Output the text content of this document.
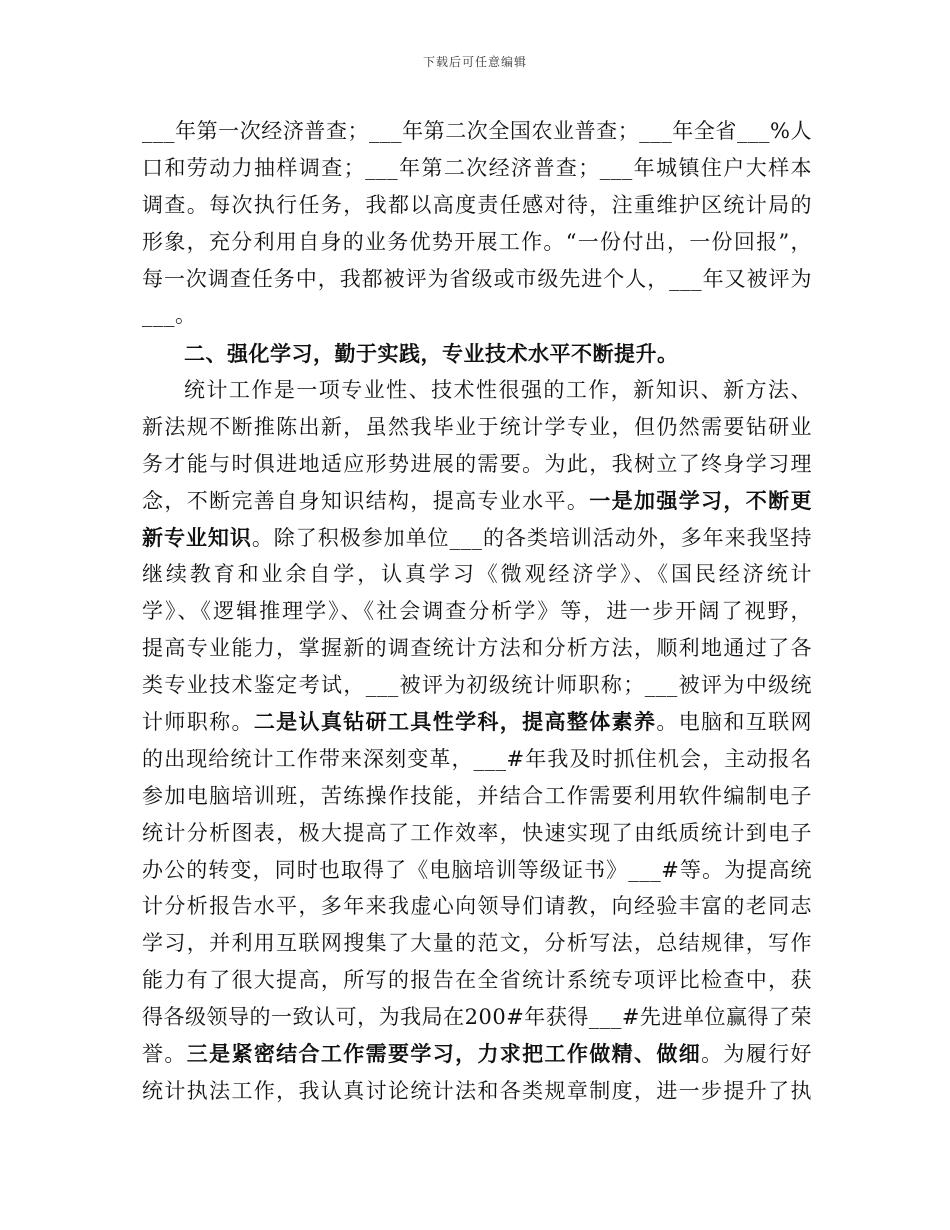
下载后可任意编辑
___年第一次经济普查；___年第二次全国农业普查；___年全省___%人
口和劳动力抽样调查；___年第二次经济普查；___年城镇住户大样本
调查。每次执行任务，我都以高度责任感对待，注重维护区统计局的
形象，充分利用自身的业务优势开展工作。“一份付出，一份回报”，
每一次调查任务中，我都被评为省级或市级先进个人，___年又被评为
___。
二、强化学习，勤于实践，专业技术水平不断提升。
统计工作是一项专业性、技术性很强的工作，新知识、新方法、
新法规不断推陈出新，虽然我毕业于统计学专业，但仍然需要钻研业
务才能与时俱进地适应形势进展的需要。为此，我树立了终身学习理
念，不断完善自身知识结构，提高专业水平。一是加强学习，不断更
新专业知识。除了积极参加单位___的各类培训活动外，多年来我坚持
继续教育和业余自学，认真学习《微观经济学》、《国民经济统计
学》、《逻辑推理学》、《社会调查分析学》等，进一步开阔了视野，
提高专业能力，掌握新的调查统计方法和分析方法，顺利地通过了各
类专业技术鉴定考试，___被评为初级统计师职称；___被评为中级统
计师职称。二是认真钻研工具性学科，提高整体素养。电脑和互联网
的出现给统计工作带来深刻变革，___#年我及时抓住机会，主动报名
参加电脑培训班，苦练操作技能，并结合工作需要利用软件编制电子
统计分析图表，极大提高了工作效率，快速实现了由纸质统计到电子
办公的转变，同时也取得了《电脑培训等级证书》___#等。为提高统
计分析报告水平，多年来我虚心向领导们请教，向经验丰富的老同志
学习，并利用互联网搜集了大量的范文，分析写法，总结规律，写作
能力有了很大提高，所写的报告在全省统计系统专项评比检查中，获
得各级领导的一致认可，为我局在200#年获得___#先进单位赢得了荣
誉。三是紧密结合工作需要学习，力求把工作做精、做细。为履行好
统计执法工作，我认真讨论统计法和各类规章制度，进一步提升了执
